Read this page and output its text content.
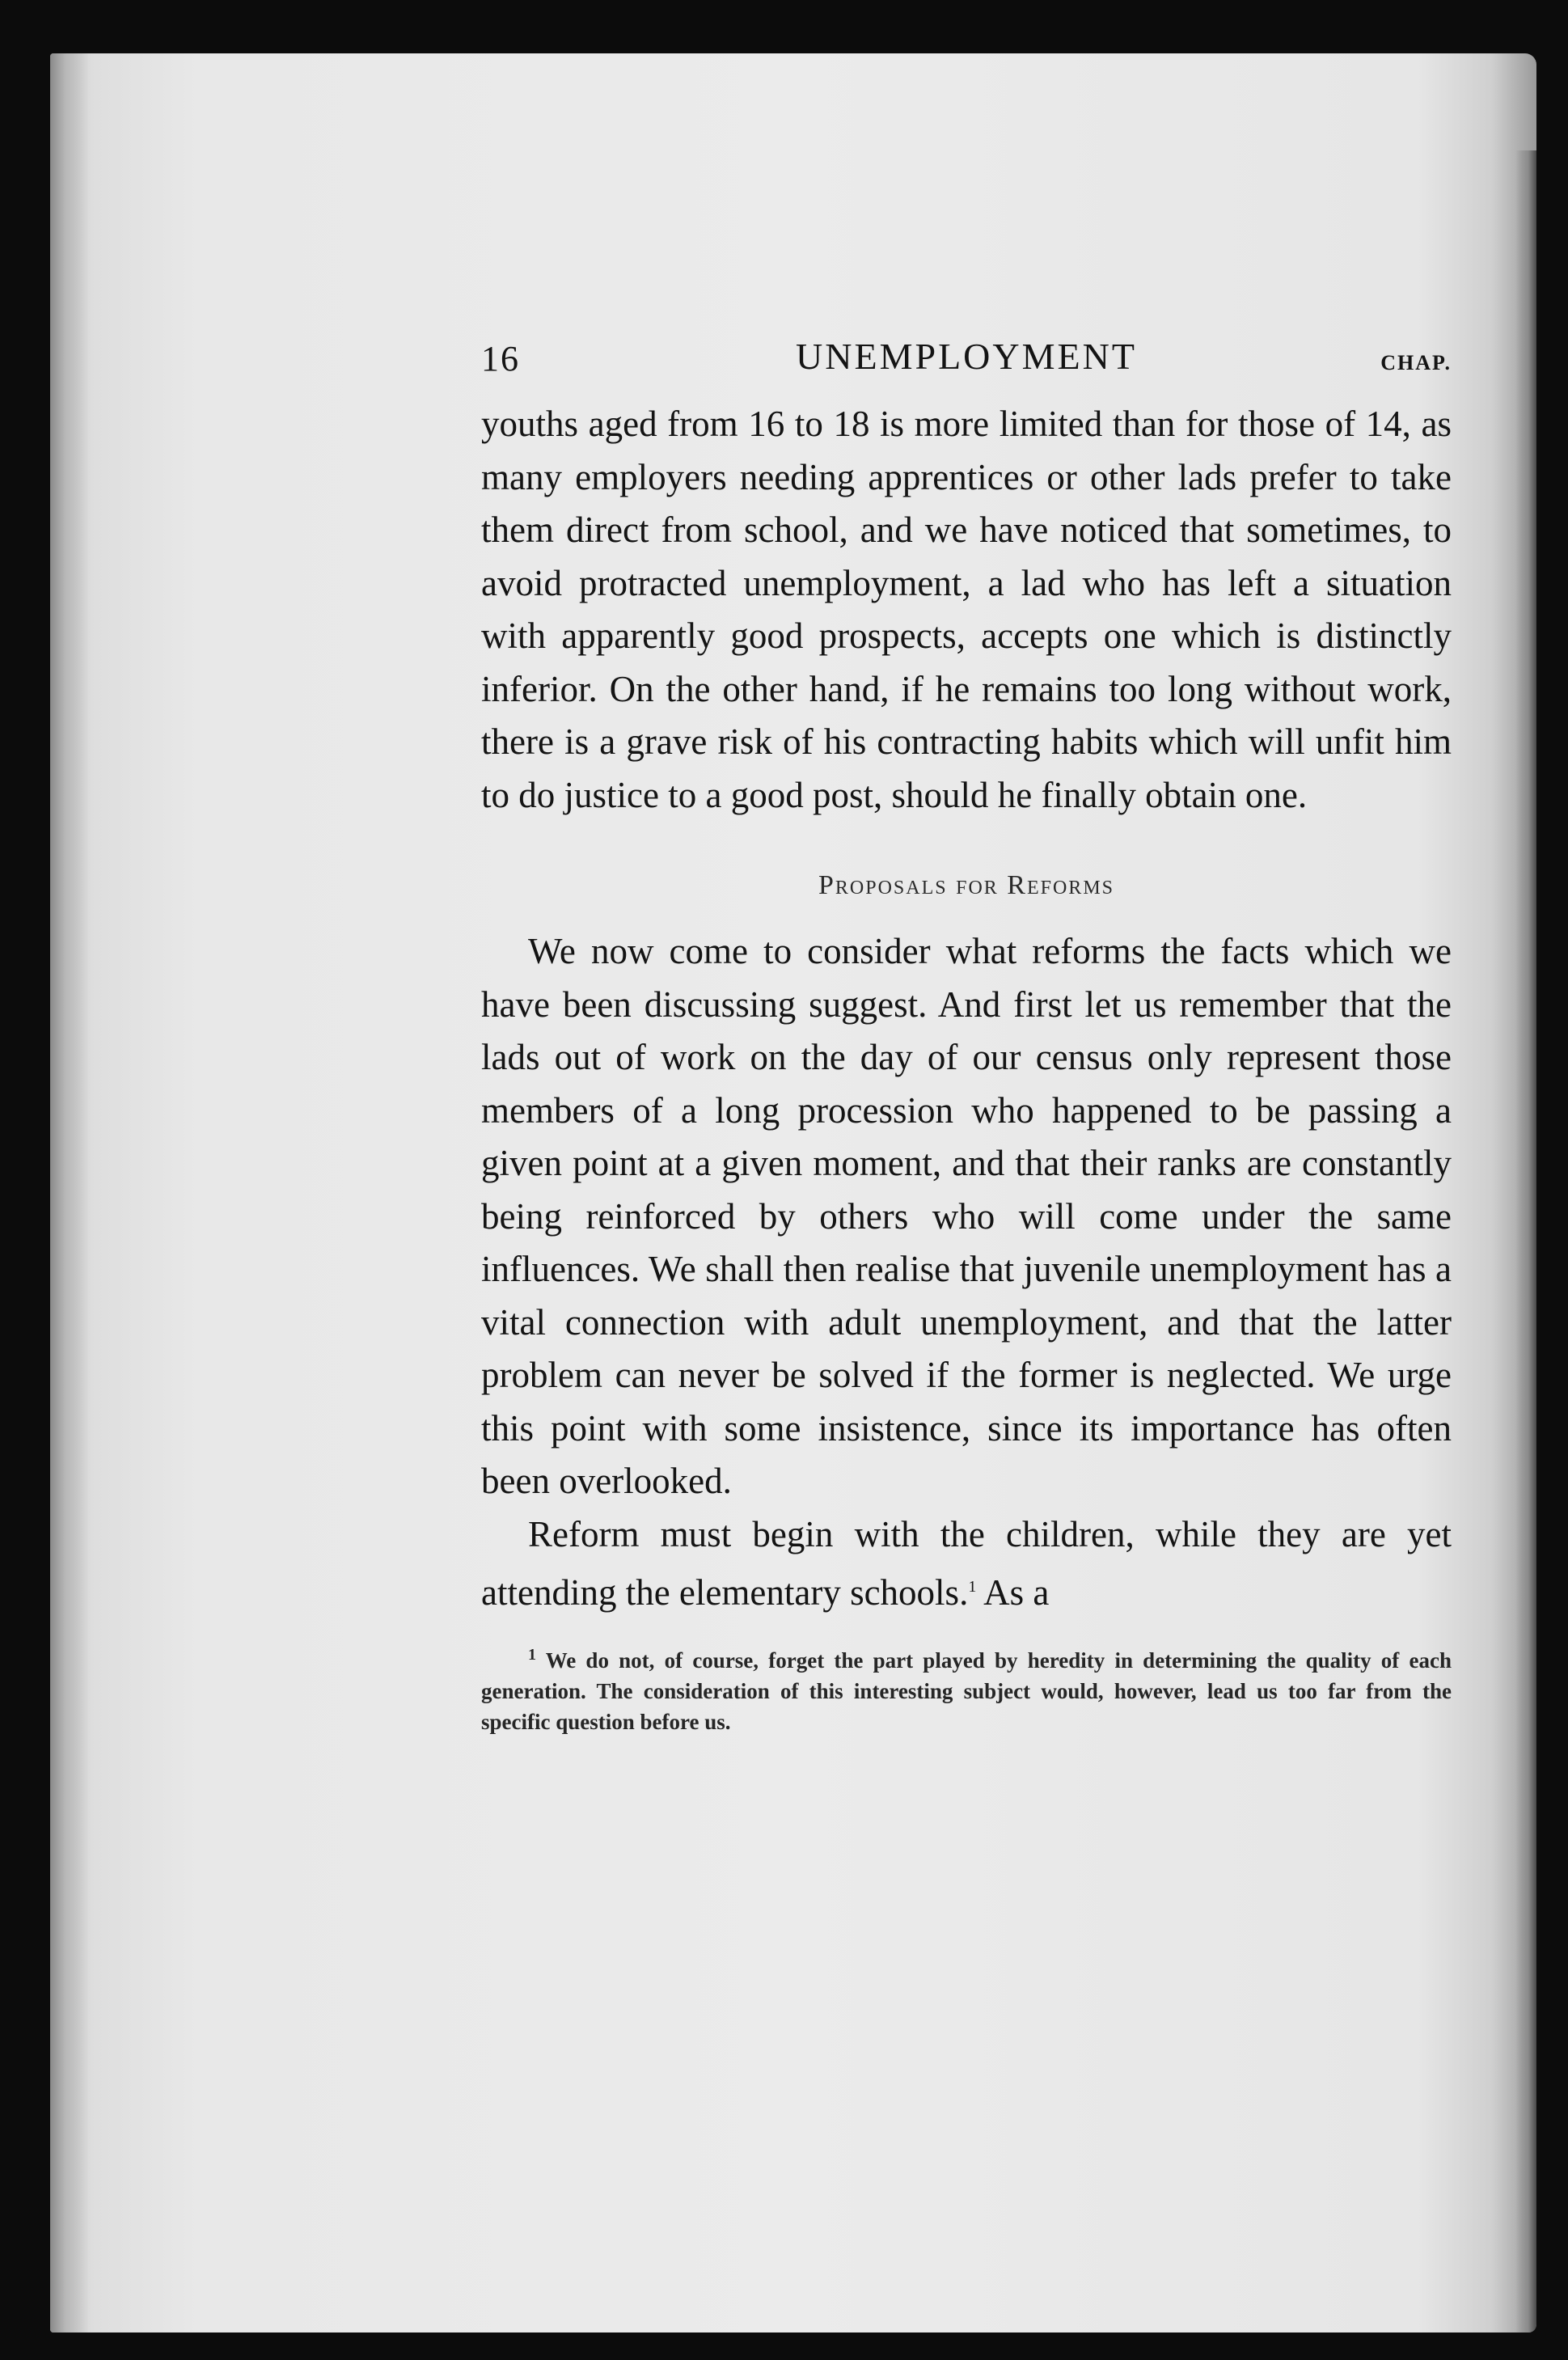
16	UNEMPLOYMENT	CHAP.

youths aged from 16 to 18 is more limited than for those of 14, as many employers needing apprentices or other lads prefer to take them direct from school, and we have noticed that sometimes, to avoid protracted unemployment, a lad who has left a situation with apparently good prospects, accepts one which is distinctly inferior. On the other hand, if he remains too long without work, there is a grave risk of his contracting habits which will unfit him to do justice to a good post, should he finally obtain one.

Proposals for Reforms

We now come to consider what reforms the facts which we have been discussing suggest. And first let us remember that the lads out of work on the day of our census only represent those members of a long procession who happened to be passing a given point at a given moment, and that their ranks are constantly being reinforced by others who will come under the same influences. We shall then realise that juvenile unemployment has a vital connection with adult unemployment, and that the latter problem can never be solved if the former is neglected. We urge this point with some insistence, since its importance has often been overlooked.

Reform must begin with the children, while they are yet attending the elementary schools.$^1$ As a

$^1$ We do not, of course, forget the part played by heredity in determining the quality of each generation. The consideration of this interesting subject would, however, lead us too far from the specific question before us.
